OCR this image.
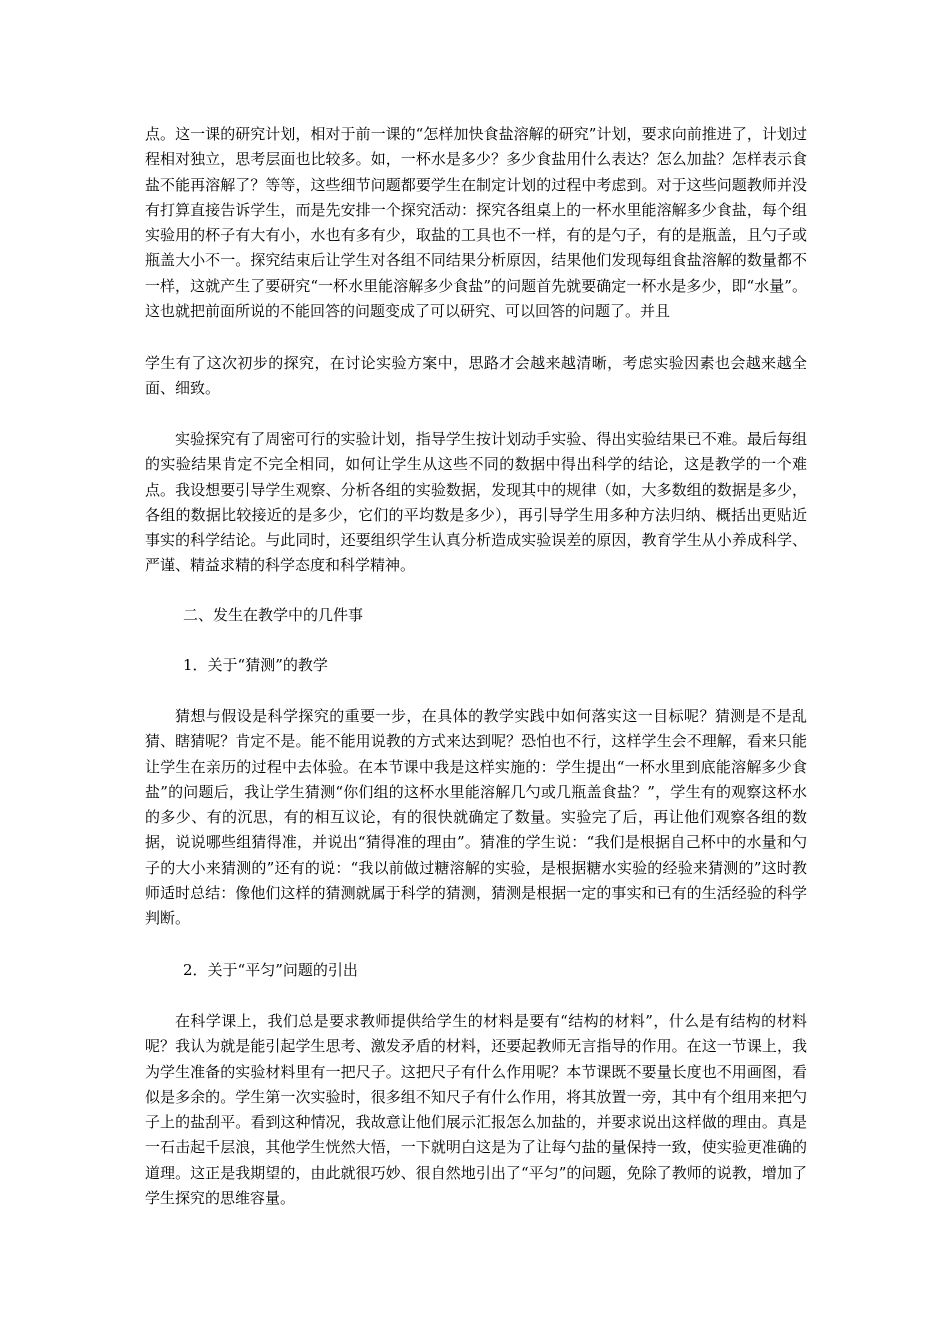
点。这一课的研究计划，相对于前一课的“怎样加快食盐溶解的研究”计划，要求向前推进了，计划过程相对独立，思考层面也比较多。如，一杯水是多少？多少食盐用什么表达？怎么加盐？怎样表示食盐不能再溶解了？等等，这些细节问题都要学生在制定计划的过程中考虑到。对于这些问题教师并没有打算直接告诉学生，而是先安排一个探究活动：探究各组桌上的一杯水里能溶解多少食盐，每个组实验用的杯子有大有小，水也有多有少，取盐的工具也不一样，有的是勺子，有的是瓶盖，且勺子或瓶盖大小不一。探究结束后让学生对各组不同结果分析原因，结果他们发现每组食盐溶解的数量都不一样，这就产生了要研究“一杯水里能溶解多少食盐”的问题首先就要确定一杯水是多少，即“水量”。这也就把前面所说的不能回答的问题变成了可以研究、可以回答的问题了。并且

学生有了这次初步的探究，在讨论实验方案中，思路才会越来越清晰，考虑实验因素也会越来越全面、细致。

实验探究有了周密可行的实验计划，指导学生按计划动手实验、得出实验结果已不难。最后每组的实验结果肯定不完全相同，如何让学生从这些不同的数据中得出科学的结论，这是教学的一个难点。我设想要引导学生观察、分析各组的实验数据，发现其中的规律（如，大多数组的数据是多少，各组的数据比较接近的是多少，它们的平均数是多少），再引导学生用多种方法归纳、概括出更贴近事实的科学结论。与此同时，还要组织学生认真分析造成实验误差的原因，教育学生从小养成科学、严谨、精益求精的科学态度和科学精神。

二、发生在教学中的几件事

1．关于“猜测”的教学

猜想与假设是科学探究的重要一步，在具体的教学实践中如何落实这一目标呢？猜测是不是乱猜、瞎猜呢？肯定不是。能不能用说教的方式来达到呢？恐怕也不行，这样学生会不理解，看来只能让学生在亲历的过程中去体验。在本节课中我是这样实施的：学生提出“一杯水里到底能溶解多少食盐”的问题后，我让学生猜测“你们组的这杯水里能溶解几勺或几瓶盖食盐？”，学生有的观察这杯水的多少、有的沉思，有的相互议论，有的很快就确定了数量。实验完了后，再让他们观察各组的数据，说说哪些组猜得准，并说出“猜得准的理由”。猜准的学生说：“我们是根据自己杯中的水量和勺子的大小来猜测的”还有的说：“我以前做过糖溶解的实验，是根据糖水实验的经验来猜测的”这时教师适时总结：像他们这样的猜测就属于科学的猜测，猜测是根据一定的事实和已有的生活经验的科学判断。

2．关于“平匀”问题的引出

在科学课上，我们总是要求教师提供给学生的材料是要有“结构的材料”，什么是有结构的材料呢？我认为就是能引起学生思考、激发矛盾的材料，还要起教师无言指导的作用。在这一节课上，我为学生准备的实验材料里有一把尺子。这把尺子有什么作用呢？本节课既不要量长度也不用画图，看似是多余的。学生第一次实验时，很多组不知尺子有什么作用，将其放置一旁，其中有个组用来把勺子上的盐刮平。看到这种情况，我故意让他们展示汇报怎么加盐的，并要求说出这样做的理由。真是一石击起千层浪，其他学生恍然大悟，一下就明白这是为了让每勺盐的量保持一致，使实验更准确的道理。这正是我期望的，由此就很巧妙、很自然地引出了“平匀”的问题，免除了教师的说教，增加了学生探究的思维容量。
